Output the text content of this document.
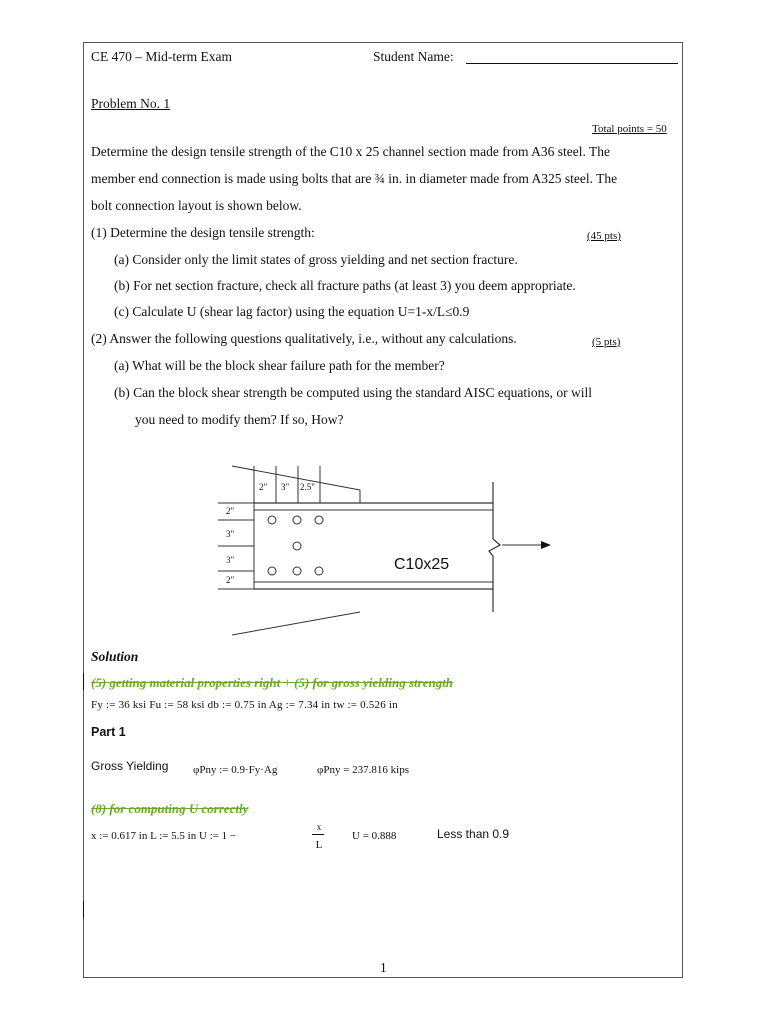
CE 470 – Mid-term Exam	Student Name:
Problem No. 1
Total points = 50
Determine the design tensile strength of the C10 x 25 channel section made from A36 steel. The
member end connection is made using bolts that are ¾ in. in diameter made from A325 steel. The
bolt connection layout is shown below.
(1) Determine the design tensile strength:	(45 pts)
(a) Consider only the limit states of gross yielding and net section fracture.
(b) For net section fracture, check all fracture paths (at least 3) you deem appropriate.
(c) Calculate U (shear lag factor) using the equation U=1-x/L≤0.9
(2) Answer the following questions qualitatively, i.e., without any calculations.	(5 pts)
(a) What will be the block shear failure path for the member?
(b) Can the block shear strength be computed using the standard AISC equations, or will
you need to modify them? If so, How?
2" 3" 2.5"
2"
3"
3"
2"
C10x25
Solution
(5) getting material properties right + (5) for gross yielding strength
Fy := 36 ksi Fu := 58 ksi db := 0.75 in Ag := 7.34 in tw := 0.526 in
Part 1
Gross Yielding φPny := 0.9·Fy·Ag	φPny = 237.816 kips
(8) for computing U correctly
x := 0.617 in L := 5.5 in U := 1 −
x
L
U = 0.888	Less than 0.9
1
